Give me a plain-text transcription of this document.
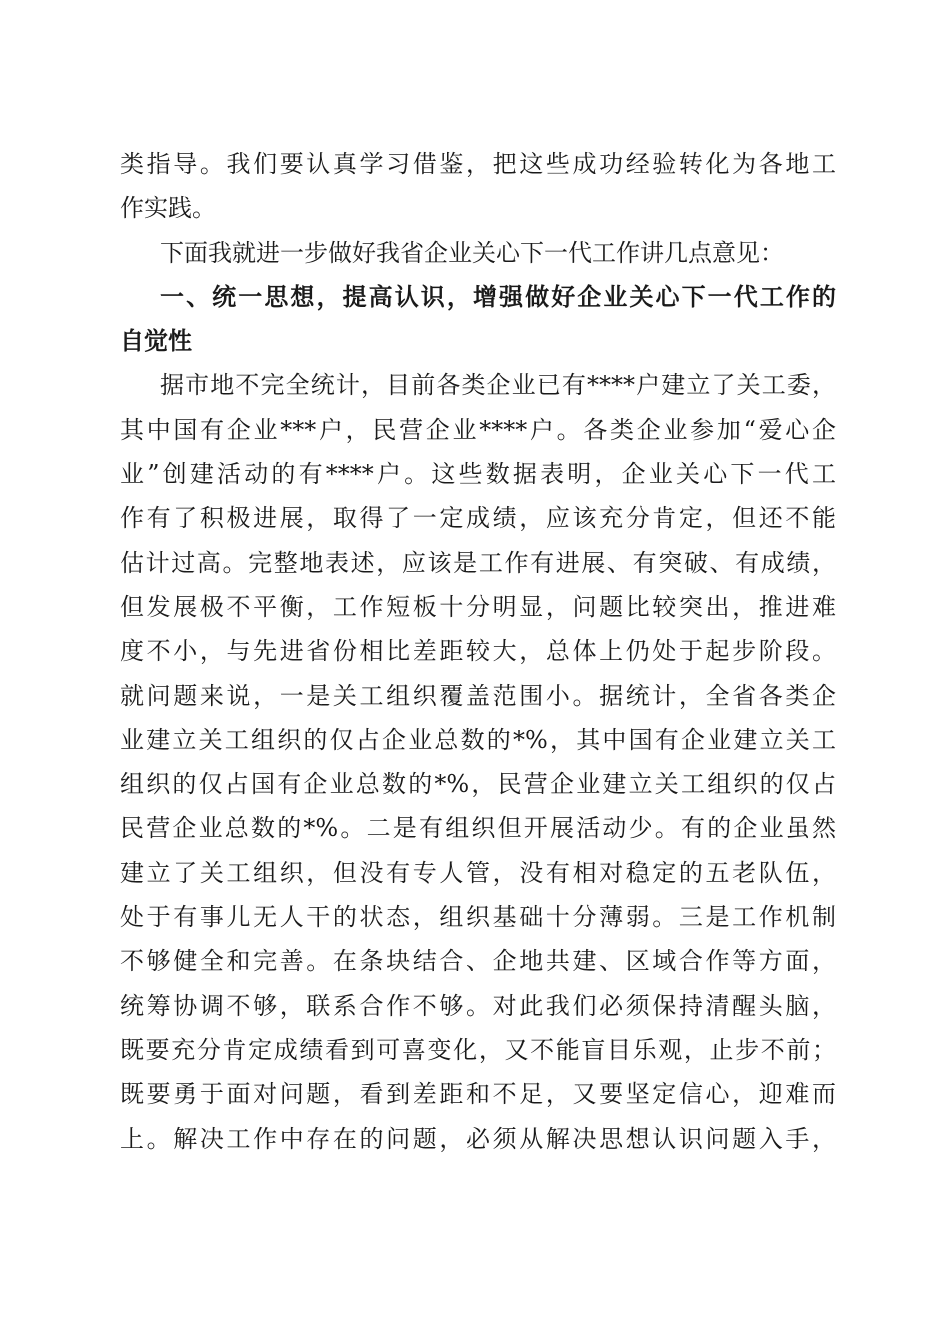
类指导。我们要认真学习借鉴，把这些成功经验转化为各地工
作实践。
下面我就进一步做好我省企业关心下一代工作讲几点意见：
一、统一思想，提高认识，增强做好企业关心下一代工作的
自觉性
据市地不完全统计，目前各类企业已有****户建立了关工委，
其中国有企业***户，民营企业****户。各类企业参加“爱心企
业”创建活动的有****户。这些数据表明，企业关心下一代工
作有了积极进展，取得了一定成绩，应该充分肯定，但还不能
估计过高。完整地表述，应该是工作有进展、有突破、有成绩，
但发展极不平衡，工作短板十分明显，问题比较突出，推进难
度不小，与先进省份相比差距较大，总体上仍处于起步阶段。
就问题来说，一是关工组织覆盖范围小。据统计，全省各类企
业建立关工组织的仅占企业总数的*%，其中国有企业建立关工
组织的仅占国有企业总数的*%，民营企业建立关工组织的仅占
民营企业总数的*%。二是有组织但开展活动少。有的企业虽然
建立了关工组织，但没有专人管，没有相对稳定的五老队伍，
处于有事儿无人干的状态，组织基础十分薄弱。三是工作机制
不够健全和完善。在条块结合、企地共建、区域合作等方面，
统筹协调不够，联系合作不够。对此我们必须保持清醒头脑，
既要充分肯定成绩看到可喜变化，又不能盲目乐观，止步不前；
既要勇于面对问题，看到差距和不足，又要坚定信心，迎难而
上。解决工作中存在的问题，必须从解决思想认识问题入手，
